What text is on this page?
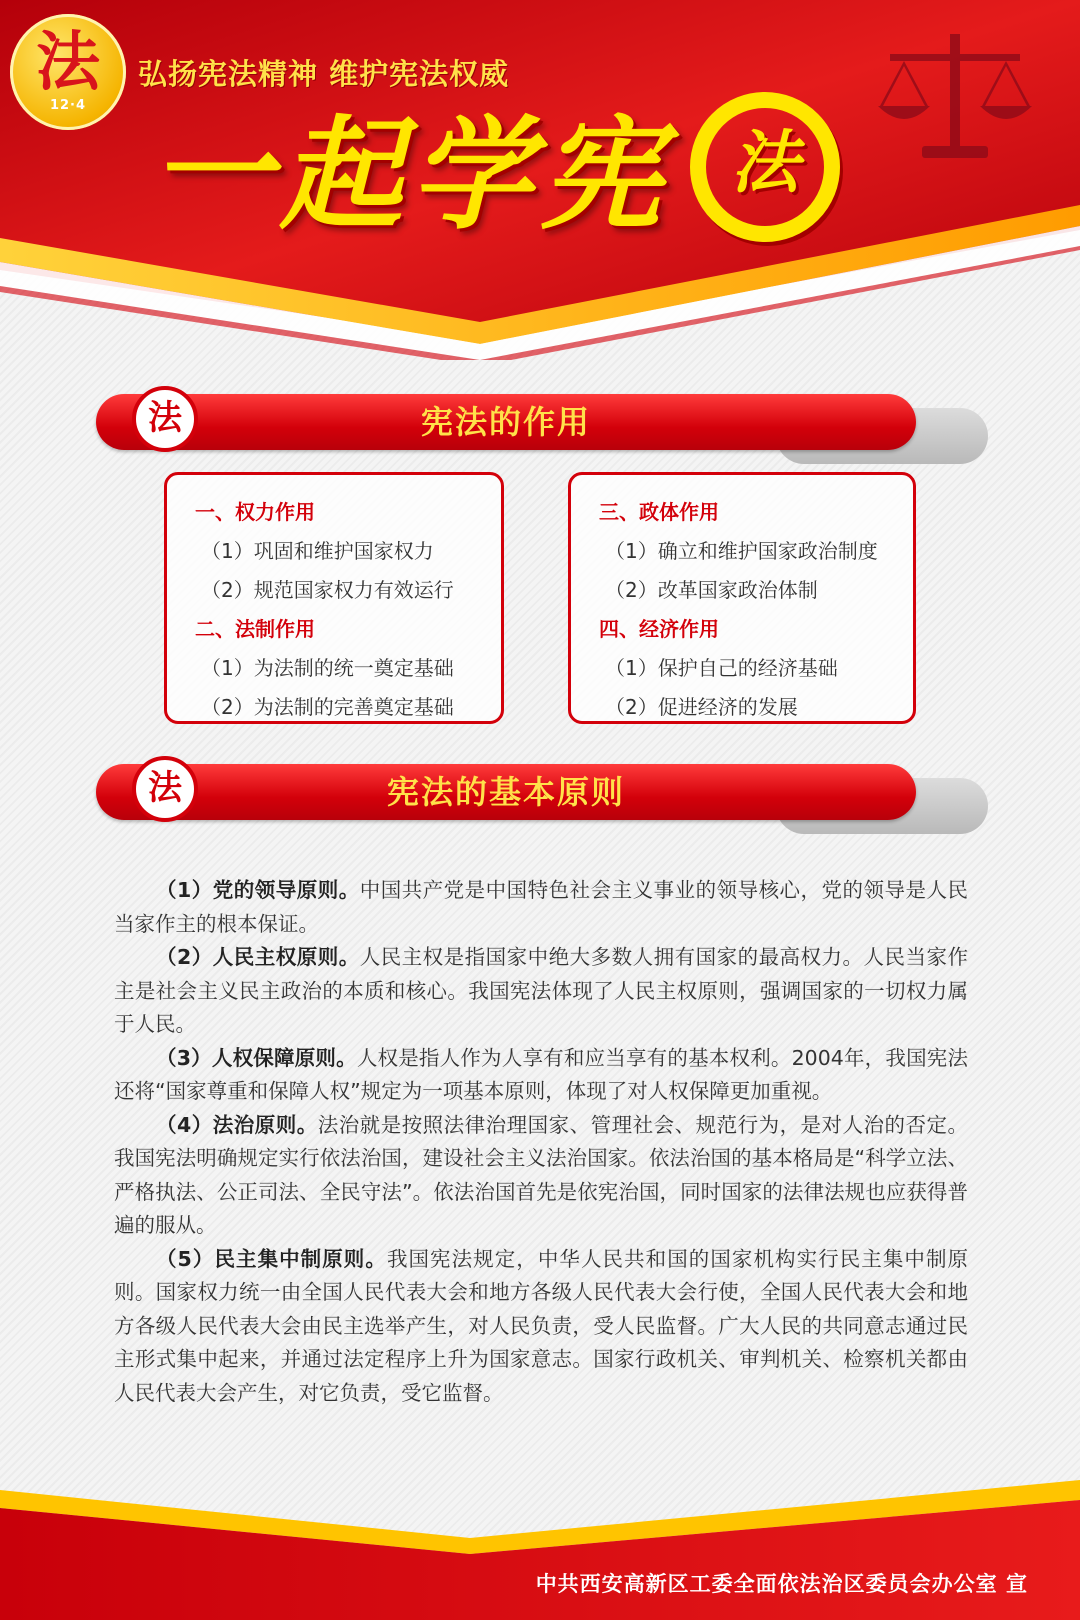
法
12·4
弘扬宪法精神 维护宪法权威
一起学宪 法
法	宪法的作用
一、权力作用
（1）巩固和维护国家权力
（2）规范国家权力有效运行
二、法制作用
（1）为法制的统一奠定基础
（2）为法制的完善奠定基础
三、政体作用
（1）确立和维护国家政治制度
（2）改革国家政治体制
四、经济作用
（1）保护自己的经济基础
（2）促进经济的发展
法	宪法的基本原则

（1）党的领导原则。中国共产党是中国特色社会主义事业的领导核心，党的领导是人民当家作主的根本保证。

（2）人民主权原则。人民主权是指国家中绝大多数人拥有国家的最高权力。人民当家作主是社会主义民主政治的本质和核心。我国宪法体现了人民主权原则，强调国家的一切权力属于人民。

（3）人权保障原则。人权是指人作为人享有和应当享有的基本权利。2004年，我国宪法还将“国家尊重和保障人权”规定为一项基本原则，体现了对人权保障更加重视。

（4）法治原则。法治就是按照法律治理国家、管理社会、规范行为，是对人治的否定。我国宪法明确规定实行依法治国，建设社会主义法治国家。依法治国的基本格局是“科学立法、严格执法、公正司法、全民守法”。依法治国首先是依宪治国，同时国家的法律法规也应获得普遍的服从。

（5）民主集中制原则。我国宪法规定，中华人民共和国的国家机构实行民主集中制原则。国家权力统一由全国人民代表大会和地方各级人民代表大会行使，全国人民代表大会和地方各级人民代表大会由民主选举产生，对人民负责，受人民监督。广大人民的共同意志通过民主形式集中起来，并通过法定程序上升为国家意志。国家行政机关、审判机关、检察机关都由人民代表大会产生，对它负责，受它监督。

中共西安高新区工委全面依法治区委员会办公室 宣
